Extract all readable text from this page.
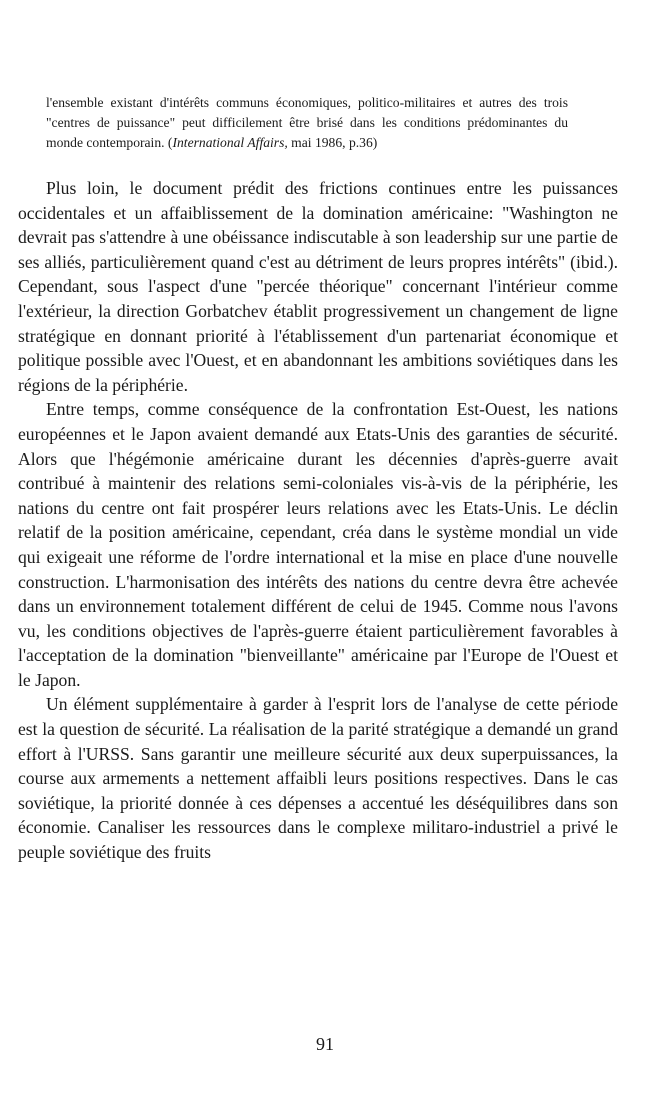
l'ensemble existant d'intérêts communs économiques, politico-militaires et autres des trois "centres de puissance" peut difficilement être brisé dans les conditions prédominantes du monde contemporain. (International Affairs, mai 1986, p.36)

Plus loin, le document prédit des frictions continues entre les puissances occidentales et un affaiblissement de la domination américaine: "Washington ne devrait pas s'attendre à une obéissance indiscutable à son leadership sur une partie de ses alliés, particulièrement quand c'est au détriment de leurs propres intérêts" (ibid.). Cependant, sous l'aspect d'une "percée théorique" concernant l'intérieur comme l'extérieur, la direction Gorbatchev établit progressivement un changement de ligne stratégique en donnant priorité à l'établissement d'un partenariat économique et politique possible avec l'Ouest, et en abandonnant les ambitions soviétiques dans les régions de la périphérie.

Entre temps, comme conséquence de la confrontation Est-Ouest, les nations européennes et le Japon avaient demandé aux Etats-Unis des garanties de sécurité. Alors que l'hégémonie américaine durant les décennies d'après-guerre avait contribué à maintenir des relations semi-coloniales vis-à-vis de la périphérie, les nations du centre ont fait prospérer leurs relations avec les Etats-Unis. Le déclin relatif de la position américaine, cependant, créa dans le système mondial un vide qui exigeait une réforme de l'ordre international et la mise en place d'une nouvelle construction. L'harmonisation des intérêts des nations du centre devra être achevée dans un environnement totalement différent de celui de 1945. Comme nous l'avons vu, les conditions objectives de l'après-guerre étaient particulièrement favorables à l'acceptation de la domination "bienveillante" américaine par l'Europe de l'Ouest et le Japon.

Un élément supplémentaire à garder à l'esprit lors de l'analyse de cette période est la question de sécurité. La réalisation de la parité stratégique a demandé un grand effort à l'URSS. Sans garantir une meilleure sécurité aux deux superpuissances, la course aux armements a nettement affaibli leurs positions respectives. Dans le cas soviétique, la priorité donnée à ces dépenses a accentué les déséquilibres dans son économie. Canaliser les ressources dans le complexe militaro-industriel a privé le peuple soviétique des fruits

91
